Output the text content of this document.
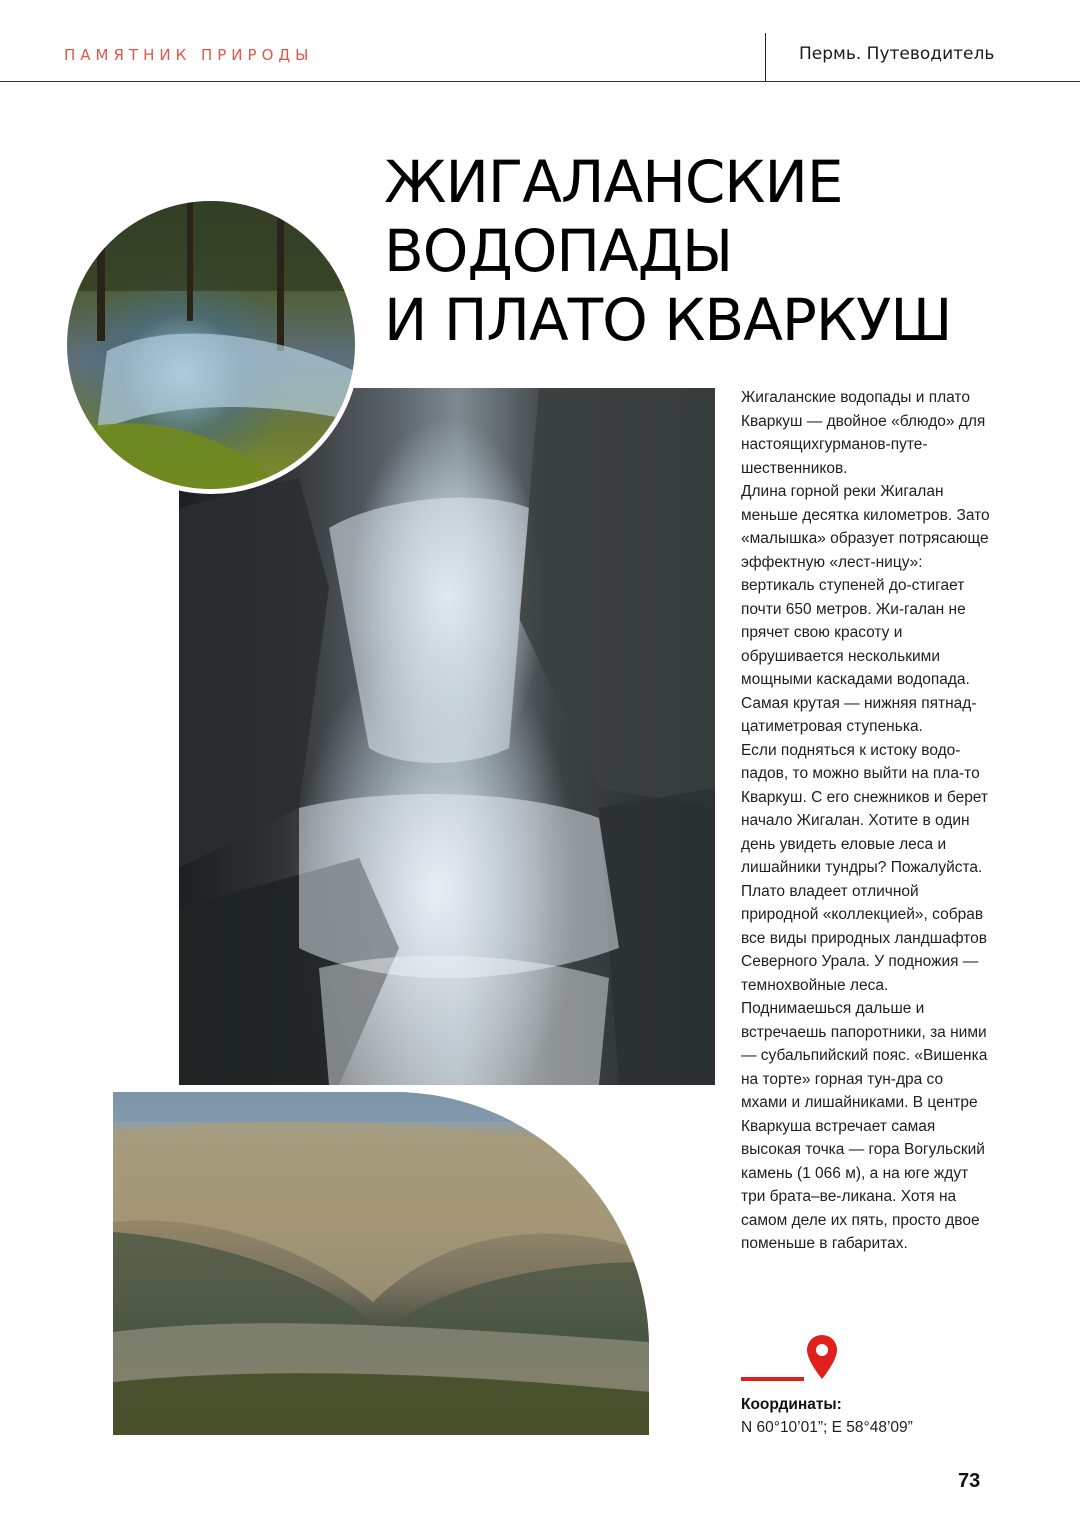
ПАМЯТНИК ПРИРОДЫ	Пермь. Путеводитель
ЖИГАЛАНСКИЕ
ВОДОПАДЫ
И ПЛАТО КВАРКУШ

Жигаланские водопады и плато Кваркуш — двойное «блюдо» для настоящихгурманов-путе-шественников.

Длина горной реки Жигалан меньше десятка километров. Зато «малышка» образует потрясающе эффектную «лест-ницу»: вертикаль ступеней до-стигает почти 650 метров. Жи-галан не прячет свою красоту и обрушивается несколькими мощными каскадами водопада. Самая крутая — нижняя пятнад-цатиметровая ступенька.

Если подняться к истоку водо-падов, то можно выйти на пла-то Кваркуш. С его снежников и берет начало Жигалан. Хотите в один день увидеть еловые леса и лишайники тундры? Пожалуйста.

Плато владеет отличной природной «коллекцией», собрав все виды природных ландшафтов Северного Урала. У подножия — темнохвойные леса. Поднимаешься дальше и встречаешь папоротники, за ними — субальпийский пояс. «Вишенка на торте» горная тун-дра со мхами и лишайниками. В центре Кваркуша встречает самая высокая точка — гора Вогульский камень (1 066 м), а на юге ждут три брата–ве-ликана. Хотя на самом деле их пять, просто двое поменьше в габаритах.

Координаты:
N 60°10’01”; E 58°48’09”
73
